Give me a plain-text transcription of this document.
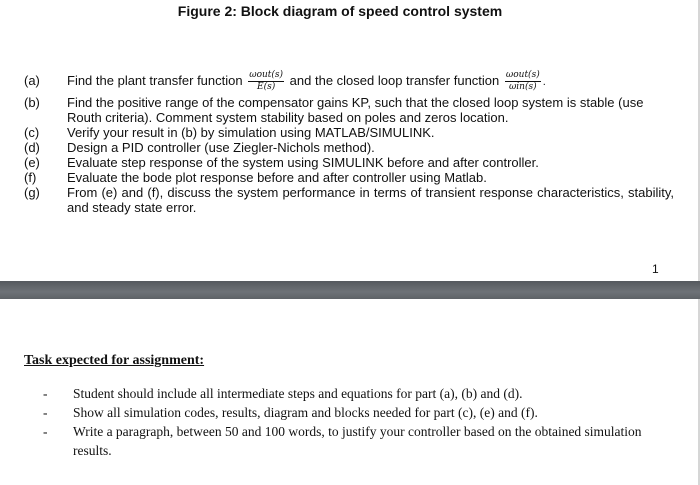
Figure 2: Block diagram of speed control system
(a)	Find the plant transfer function $\frac{\text{ωout(s)}}{E(s)}$ and the closed loop transfer function $\frac{\text{ωout(s)}}{\text{ωin(s)}}$ .
(b)	Find the positive range of the compensator gains KP, such that the closed loop system is stable (use Routh criteria). Comment system stability based on poles and zeros location.
(c)	Verify your result in (b) by simulation using MATLAB/SIMULINK.
(d)	Design a PID controller (use Ziegler-Nichols method).
(e)	Evaluate step response of the system using SIMULINK before and after controller.
(f)	Evaluate the bode plot response before and after controller using Matlab.
(g)	From (e) and (f), discuss the system performance in terms of transient response characteristics, stability, and steady state error.
1
Task expected for assignment:
- Student should include all intermediate steps and equations for part (a), (b) and (d).
- Show all simulation codes, results, diagram and blocks needed for part (c), (e) and (f).
- Write a paragraph, between 50 and 100 words, to justify your controller based on the obtained simulation results.
